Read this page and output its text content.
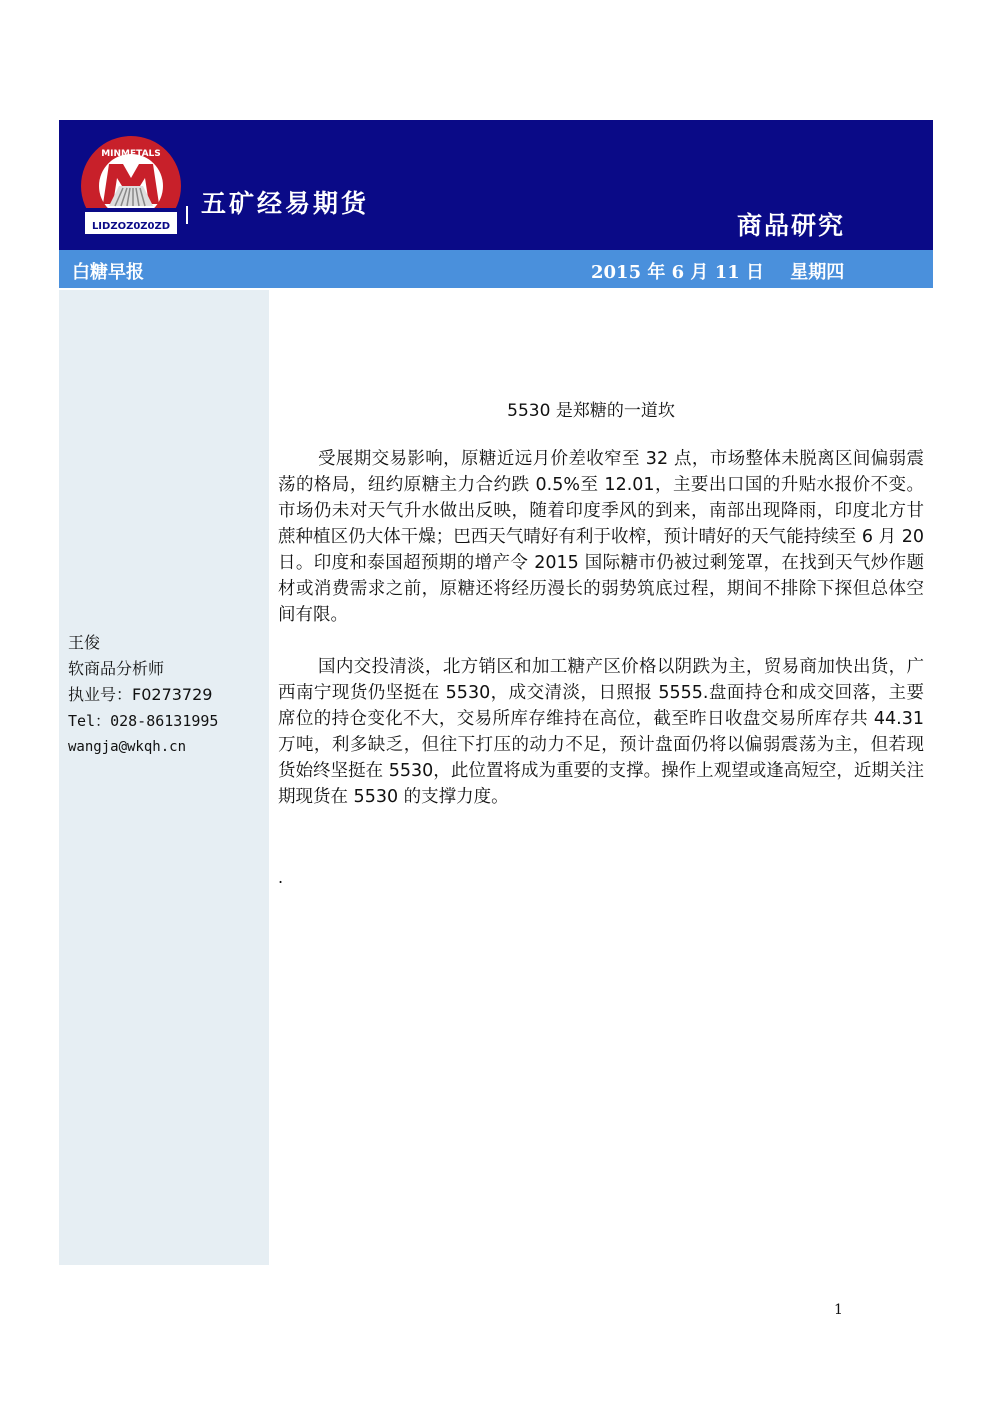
LIDZOZ0Z0ZD
MINMETALS
五矿经易期货
商品研究
白糖早报	2015 年 6 月 11 日 星期四
王俊
软商品分析师
执业号：F0273729
Tel：028-86131995
wangja@wkqh.cn
5530 是郑糖的一道坎
受展期交易影响，原糖近远月价差收窄至 32 点，市场整体未脱离区间偏弱震荡的格局，纽约原糖主力合约跌 0.5%至 12.01，主要出口国的升贴水报价不变。市场仍未对天气升水做出反映，随着印度季风的到来，南部出现降雨，印度北方甘蔗种植区仍大体干燥；巴西天气晴好有利于收榨，预计晴好的天气能持续至 6 月 20 日。印度和泰国超预期的增产令 2015 国际糖市仍被过剩笼罩，在找到天气炒作题材或消费需求之前，原糖还将经历漫长的弱势筑底过程，期间不排除下探但总体空间有限。
国内交投清淡，北方销区和加工糖产区价格以阴跌为主，贸易商加快出货，广西南宁现货仍坚挺在 5530，成交清淡，日照报 5555.盘面持仓和成交回落，主要席位的持仓变化不大，交易所库存维持在高位，截至昨日收盘交易所库存共 44.31 万吨，利多缺乏，但往下打压的动力不足，预计盘面仍将以偏弱震荡为主，但若现货始终坚挺在 5530，此位置将成为重要的支撑。操作上观望或逢高短空，近期关注期现货在 5530 的支撑力度。
.
1
